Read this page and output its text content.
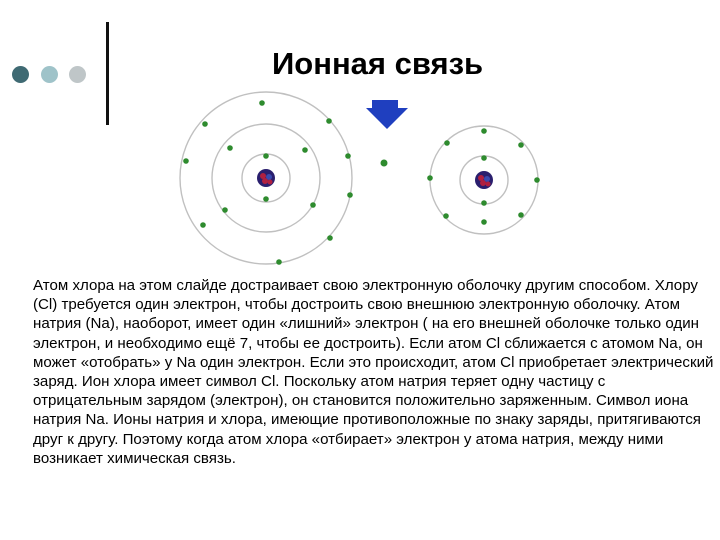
Ионная связь
Атом хлора на этом слайде достраивает свою электронную оболочку другим способом. Хлору (Cl) требуется один электрон, чтобы достроить свою внешнюю электронную оболочку. Атом натрия (Na), наоборот, имеет один «лишний» электрон ( на его внешней оболочке только один электрон, и необходимо ещё 7, чтобы ее достроить). Если атом Cl сближается с атомом Na, он может «отобрать» у Na один электрон. Если это происходит, атом Cl приобретает электрический заряд. Ион хлора имеет символ Cl. Поскольку атом натрия теряет одну частицу с отрицательным зарядом (электрон), он становится положительно заряженным. Символ иона натрия Na. Ионы натрия и хлора, имеющие противоположные по знаку заряды, притягиваются друг к другу. Поэтому когда атом хлора «отбирает» электрон у атома натрия, между ними возникает химическая связь.
